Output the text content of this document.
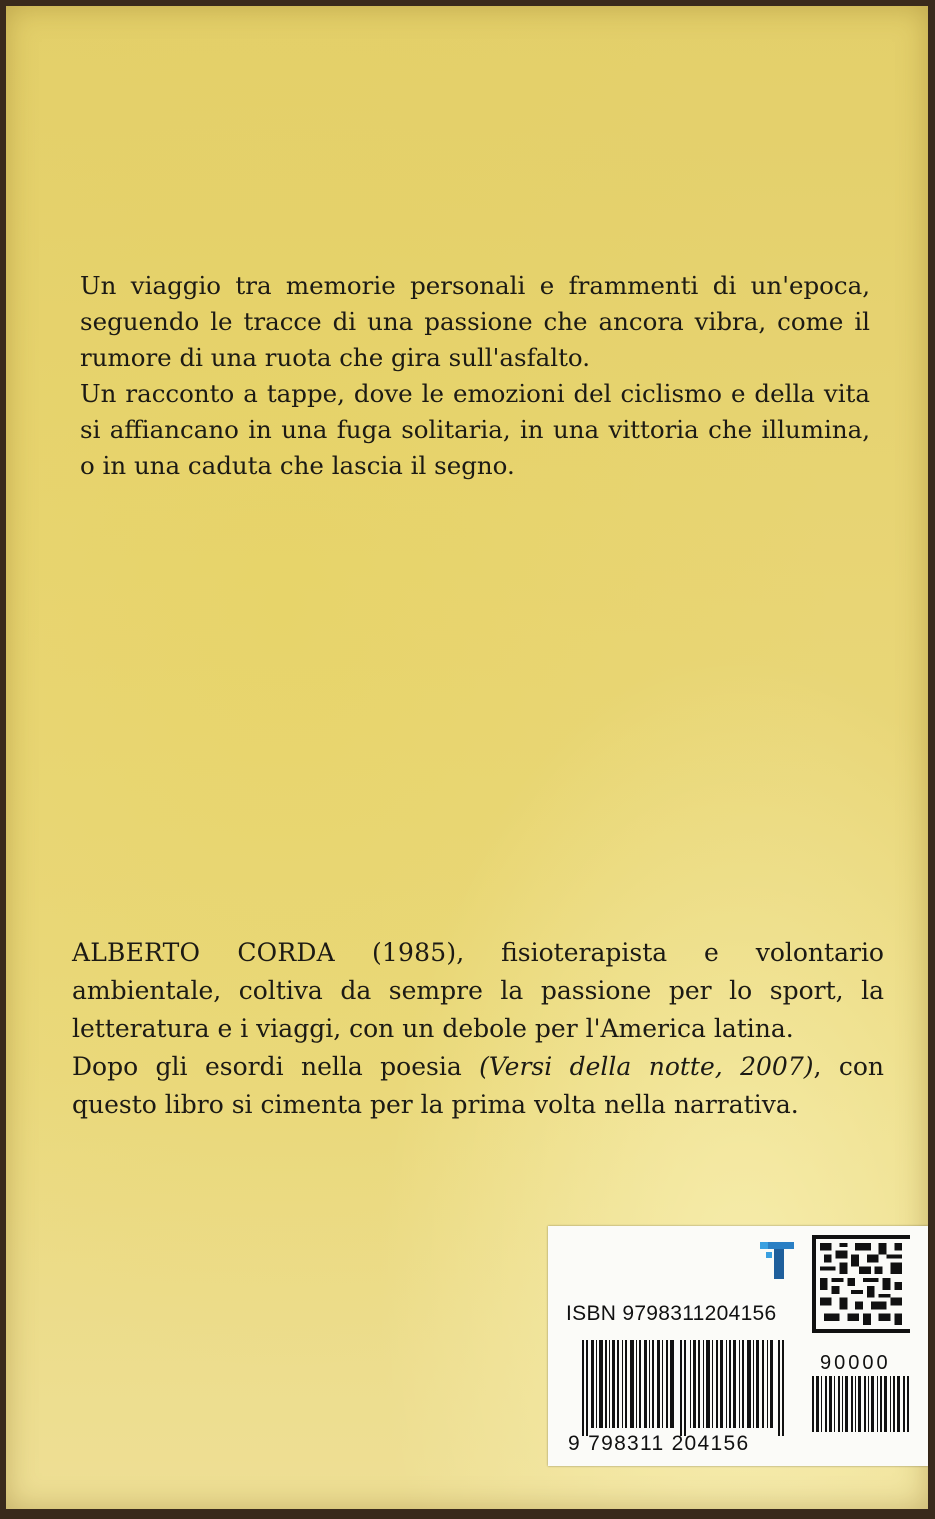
Un viaggio tra memorie personali e frammenti di un'epoca, seguendo le tracce di una passione che ancora vibra, come il rumore di una ruota che gira sull'asfalto.

Un racconto a tappe, dove le emozioni del ciclismo e della vita si affiancano in una fuga solitaria, in una vittoria che illumina, o in una caduta che lascia il segno.

ALBERTO CORDA (1985), fisioterapista e volontario ambientale, coltiva da sempre la passione per lo sport, la letteratura e i viaggi, con un debole per l'America latina.

Dopo gli esordi nella poesia (Versi della notte, 2007), con questo libro si cimenta per la prima volta nella narrativa.

ISBN 9798311204156
9 798311 204156
90000
